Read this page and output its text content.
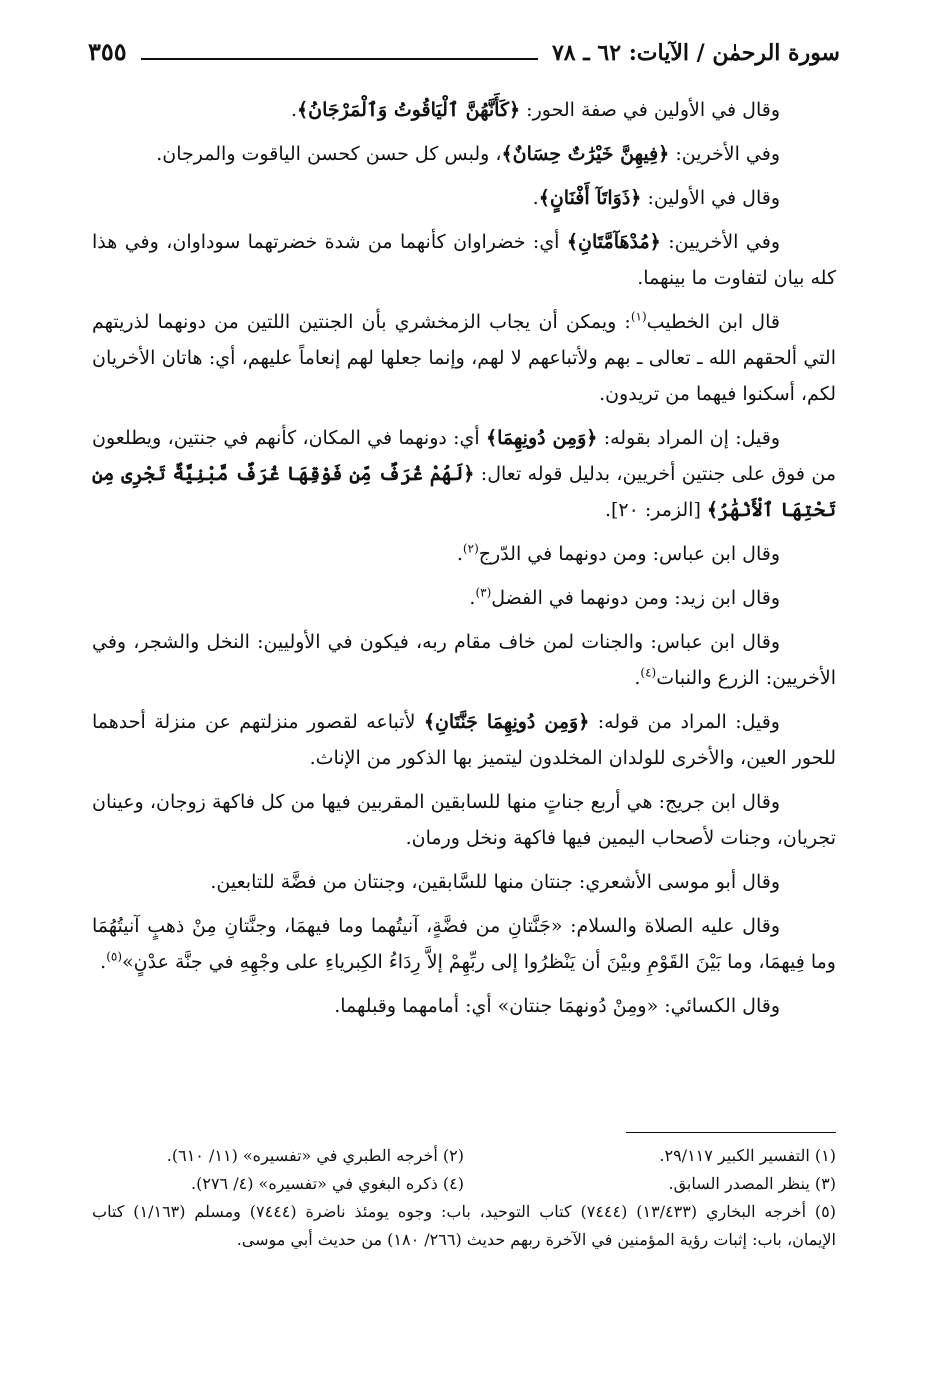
سورة الرحمٰن / الآيات: ٦٢ ـ ٧٨
٣٥٥

وقال في الأولين في صفة الحور: ﴿كَأَنَّهُنَّ ٱلْيَاقُوتُ وَٱلْمَرْجَانُ﴾.

وفي الأخرين: ﴿فِيهِنَّ خَيْرَٰتٌ حِسَانٌ﴾، ولبس كل حسن كحسن الياقوت والمرجان.

وقال في الأولين: ﴿ذَوَاتَآ أَفْنَانٍ﴾.

وفي الأخريين: ﴿مُدْهَآمَّتَانِ﴾ أي: خضراوان كأنهما من شدة خضرتهما سوداوان، وفي هذا كله بيان لتفاوت ما بينهما.

قال ابن الخطيب$^{(١)}$: ويمكن أن يجاب الزمخشري بأن الجنتين اللتين من دونهما لذريتهم التي ألحقهم الله ـ تعالى ـ بهم ولأتباعهم لا لهم، وإنما جعلها لهم إنعاماً عليهم، أي: هاتان الأخريان لكم، أسكنوا فيهما من تريدون.

وقيل: إن المراد بقوله: ﴿وَمِن دُونِهِمَا﴾ أي: دونهما في المكان، كأنهم في جنتين، ويطلعون من فوق على جنتين أخريين، بدليل قوله تعال: ﴿لَهُمْ غُرَفٌ مِّن فَوْقِهَا غُرَفٌ مَّبْنِيَّةٌ تَجْرِى مِن تَحْتِهَا ٱلْأَنْهَٰرُ﴾ [الزمر: ٢٠].

وقال ابن عباس: ومن دونهما في الدّرج$^{(٢)}$.

وقال ابن زيد: ومن دونهما في الفضل$^{(٣)}$.

وقال ابن عباس: والجنات لمن خاف مقام ربه، فيكون في الأوليين: النخل والشجر، وفي الأخريين: الزرع والنبات$^{(٤)}$.

وقيل: المراد من قوله: ﴿وَمِن دُونِهِمَا جَنَّتَانِ﴾ لأتباعه لقصور منزلتهم عن منزلة أحدهما للحور العين، والأخرى للولدان المخلدون ليتميز بها الذكور من الإناث.

وقال ابن جريج: هي أربع جناتٍ منها للسابقين المقربين فيها من كل فاكهة زوجان، وعينان تجريان، وجنات لأصحاب اليمين فيها فاكهة ونخل ورمان.

وقال أبو موسى الأشعري: جنتان منها للسَّابقين، وجنتان من فضَّة للتابعين.

وقال عليه الصلاة والسلام: «جَنَّتانِ من فضَّةٍ، آنيتُهما وما فيهمَا، وجنَّتانِ مِنْ ذهبٍ آنيتُهُمَا وما فِيهمَا، وما بَيْنَ القَوْمِ وبيْنَ أن يَنْظرُوا إلى ربِّهِمْ إلاَّ رِدَاءُ الكِبرياءِ على وجْهِهِ في جنَّة عدْنٍ»$^{(٥)}$.

وقال الكسائي: «ومِنْ دُونهمَا جنتان» أي: أمامهما وقبلهما.

(١) التفسير الكبير ٢٩/١١٧.
(٢) أخرجه الطبري في «تفسيره» (١١/ ٦١٠).
(٣) ينظر المصدر السابق.
(٤) ذكره البغوي في «تفسيره» (٤/ ٢٧٦).
(٥) أخرجه البخاري (١٣/٤٣٣) (٧٤٤٤) كتاب التوحيد، باب: وجوه يومئذ ناضرة (٧٤٤٤) ومسلم (١/١٦٣) كتاب الإيمان، باب: إثبات رؤية المؤمنين في الآخرة ربهم حديث (٢٦٦/ ١٨٠) من حديث أبي موسى.
